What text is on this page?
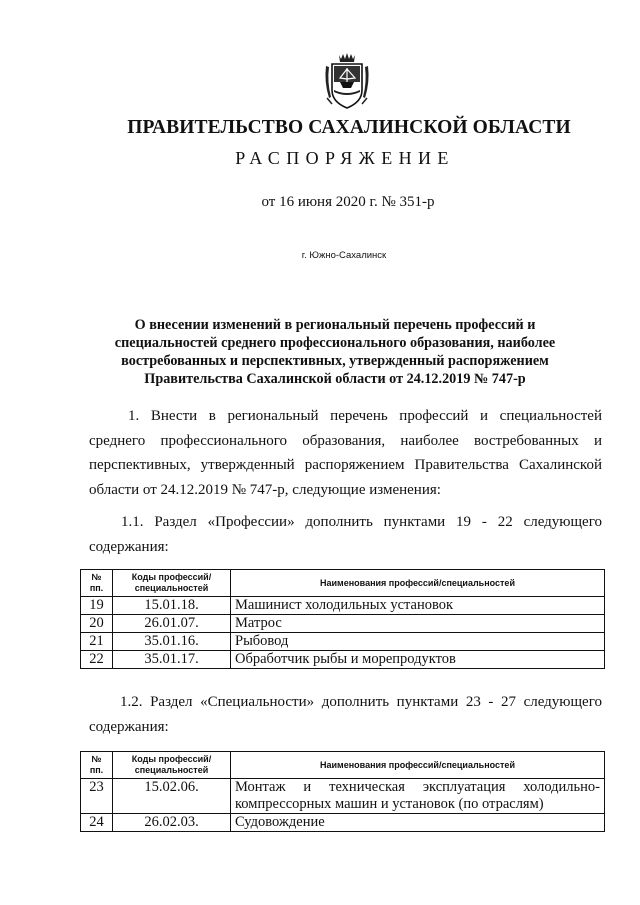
ПРАВИТЕЛЬСТВО САХАЛИНСКОЙ ОБЛАСТИ
РАСПОРЯЖЕНИЕ
от 16 июня 2020 г. № 351-р
г. Южно-Сахалинск
О внесении изменений в региональный перечень профессий и специальностей среднего профессионального образования, наиболее востребованных и перспективных, утвержденный распоряжением Правительства Сахалинской области от 24.12.2019 № 747-р
1. Внести в региональный перечень профессий и специальностей среднего профессионального образования, наиболее востребованных и перспективных, утвержденный распоряжением Правительства Сахалинской области от 24.12.2019 № 747-р, следующие изменения:
1.1. Раздел «Профессии» дополнить пунктами 19 - 22 следующего содержания:
№ пп.	Коды профессий/ специальностей	Наименования профессий/специальностей
19	15.01.18.	Машинист холодильных установок
20	26.01.07.	Матрос
21	35.01.16.	Рыбовод
22	35.01.17.	Обработчик рыбы и морепродуктов
1.2. Раздел «Специальности» дополнить пунктами 23 - 27 следующего содержания:
№ пп.	Коды профессий/ специальностей	Наименования профессий/специальностей
23	15.02.06.	Монтаж и техническая эксплуатация холодильно-компрессорных машин и установок (по отраслям)
24	26.02.03.	Судовождение
